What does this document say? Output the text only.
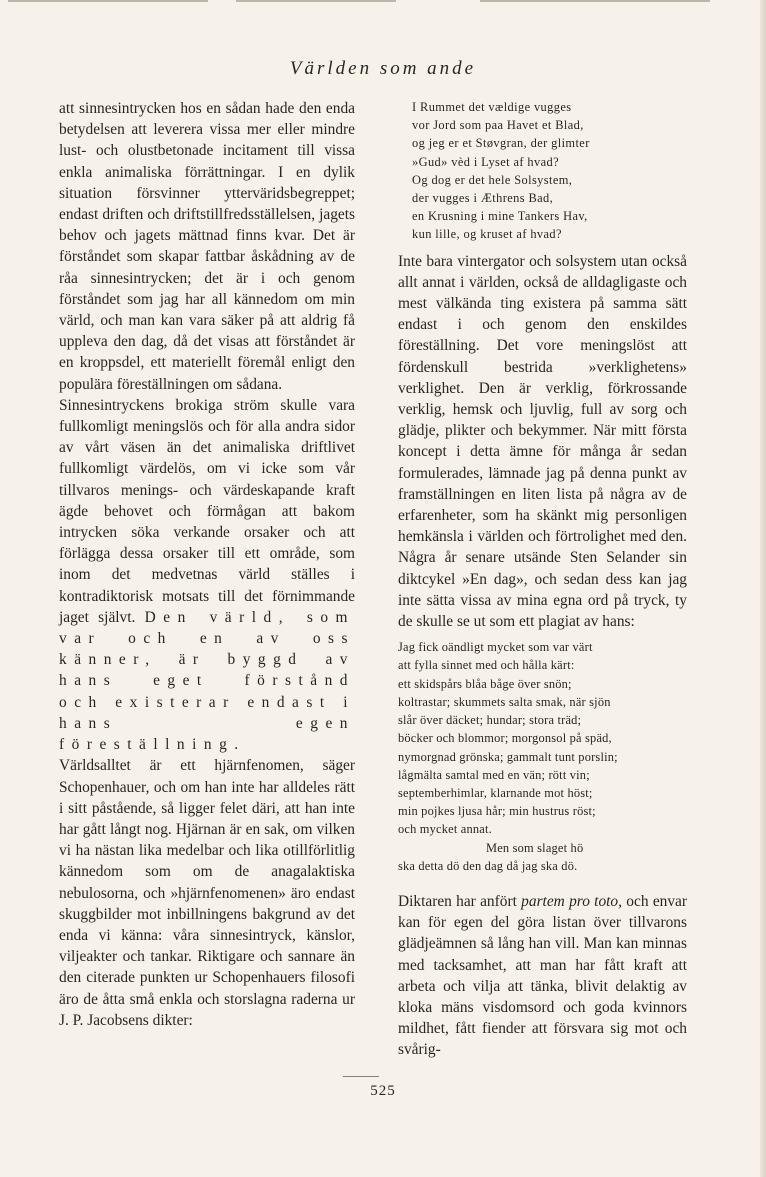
Världen som ande

att sinnesintrycken hos en sådan hade den enda betydelsen att leverera vissa mer eller mindre lust- och olustbetonade incitament till vissa enkla animaliska förrättningar. I en dylik situation försvinner ytterväridsbegreppet; endast driften och driftstillfredsställelsen, jagets behov och jagets mättnad finns kvar. Det är förståndet som skapar fattbar åskådning av de råa sinnesintrycken; det är i och genom förståndet som jag har all kännedom om min värld, och man kan vara säker på att aldrig få uppleva den dag, då det visas att förståndet är en kroppsdel, ett materiellt föremål enligt den populära föreställningen om sådana.

Sinnesintryckens brokiga ström skulle vara fullkomligt meningslös och för alla andra sidor av vårt väsen än det animaliska driftlivet fullkomligt värdelös, om vi icke som vår tillvaros menings- och värdeskapande kraft ägde behovet och förmågan att bakom intrycken söka verkande orsaker och att förlägga dessa orsaker till ett område, som inom det medvetnas värld ställes i kontradiktorisk motsats till det förnimmande jaget självt. Den värld, som var och en av oss känner, är byggd av hans eget förstånd och existerar endast i hans egen föreställning.

Världsalltet är ett hjärnfenomen, säger Schopenhauer, och om han inte har alldeles rätt i sitt påstående, så ligger felet däri, att han inte har gått långt nog. Hjärnan är en sak, om vilken vi ha nästan lika medelbar och lika otillförlitlig kännedom som om de anagalaktiska nebulosorna, och »hjärnfenomenen» äro endast skuggbilder mot inbillningens bakgrund av det enda vi känna: våra sinnesintryck, känslor, viljeakter och tankar. Riktigare och sannare än den citerade punkten ur Schopenhauers filosofi äro de åtta små enkla och storslagna raderna ur J. P. Jacobsens dikter:

I Rummet det vældige vugges
vor Jord som paa Havet et Blad,
og jeg er et Støvgran, der glimter
»Gud» vèd i Lyset af hvad?
Og dog er det hele Solsystem,
der vugges i Æthrens Bad,
en Krusning i mine Tankers Hav,
kun lille, og kruset af hvad?

Inte bara vintergator och solsystem utan också allt annat i världen, också de alldagligaste och mest välkända ting existera på samma sätt endast i och genom den enskildes föreställning. Det vore meningslöst att fördenskull bestrida »verklighetens» verklighet. Den är verklig, förkrossande verklig, hemsk och ljuvlig, full av sorg och glädje, plikter och bekymmer. När mitt första koncept i detta ämne för många år sedan formulerades, lämnade jag på denna punkt av framställningen en liten lista på några av de erfarenheter, som ha skänkt mig personligen hemkänsla i världen och förtrolighet med den. Några år senare utsände Sten Selander sin diktcykel »En dag», och sedan dess kan jag inte sätta vissa av mina egna ord på tryck, ty de skulle se ut som ett plagiat av hans:

Jag fick oändligt mycket som var värt
att fylla sinnet med och hålla kärt:
ett skidspårs blåa båge över snön;
koltrastar; skummets salta smak, när sjön
slår över däcket; hundar; stora träd;
böcker och blommor; morgonsol på späd,
nymorgnad grönska; gammalt tunt porslin;
lågmälta samtal med en vän; rött vin;
septemberhimlar, klarnande mot höst;
min pojkes ljusa hår; min hustrus röst;
och mycket annat.
Men som slaget hö
ska detta dö den dag då jag ska dö.

Diktaren har anfört partem pro toto, och envar kan för egen del göra listan över tillvarons glädjeämnen så lång han vill. Man kan minnas med tacksamhet, att man har fått kraft att arbeta och vilja att tänka, blivit delaktig av kloka mäns visdomsord och goda kvinnors mildhet, fått fiender att försvara sig mot och svårig-

525
